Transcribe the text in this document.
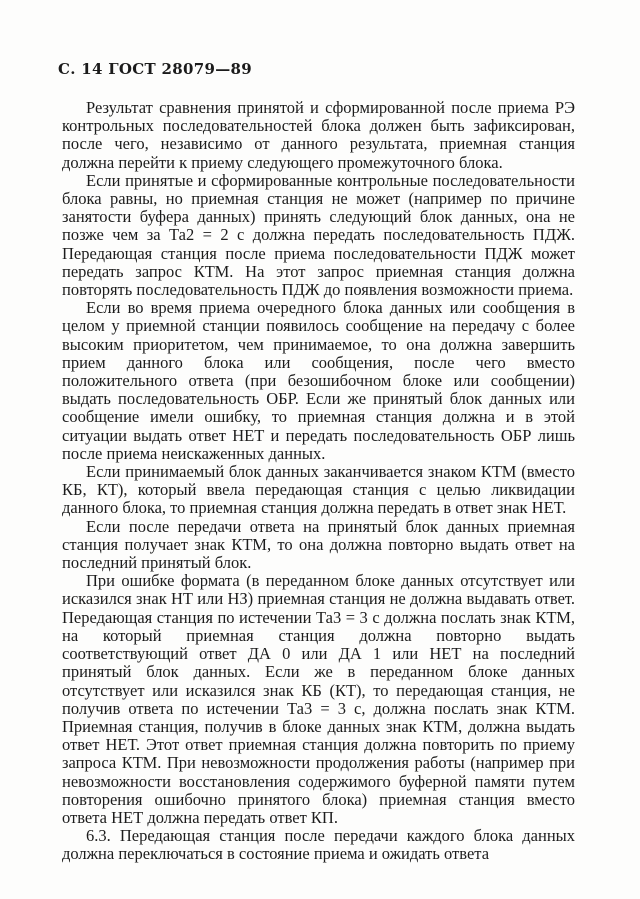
С. 14 ГОСТ 28079—89

Результат сравнения принятой и сформированной после приема РЭ контрольных последовательностей блока должен быть зафиксирован, после чего, независимо от данного результата, приемная станция должна перейти к приему следующего промежуточного блока.

Если принятые и сформированные контрольные последовательности блока равны, но приемная станция не может (например по причине занятости буфера данных) принять следующий блок данных, она не позже чем за Та2 = 2 с должна передать последовательность ПДЖ. Передающая станция после приема последовательности ПДЖ может передать запрос КТМ. На этот запрос приемная станция должна повторять последовательность ПДЖ до появления возможности приема.

Если во время приема очередного блока данных или сообщения в целом у приемной станции появилось сообщение на передачу с более высоким приоритетом, чем принимаемое, то она должна завершить прием данного блока или сообщения, после чего вместо положительного ответа (при безошибочном блоке или сообщении) выдать последовательность ОБР. Если же принятый блок данных или сообщение имели ошибку, то приемная станция должна и в этой ситуации выдать ответ НЕТ и передать последовательность ОБР лишь после приема неискаженных данных.

Если принимаемый блок данных заканчивается знаком КТМ (вместо КБ, КТ), который ввела передающая станция с целью ликвидации данного блока, то приемная станция должна передать в ответ знак НЕТ.

Если после передачи ответа на принятый блок данных приемная станция получает знак КТМ, то она должна повторно выдать ответ на последний принятый блок.

При ошибке формата (в переданном блоке данных отсутствует или исказился знак НТ или НЗ) приемная станция не должна выдавать ответ. Передающая станция по истечении Та3 = 3 с должна послать знак КТМ, на который приемная станция должна повторно выдать соответствующий ответ ДА 0 или ДА 1 или НЕТ на последний принятый блок данных. Если же в переданном блоке данных отсутствует или исказился знак КБ (КТ), то передающая станция, не получив ответа по истечении Та3 = 3 с, должна послать знак КТМ. Приемная станция, получив в блоке данных знак КТМ, должна выдать ответ НЕТ. Этот ответ приемная станция должна повторить по приему запроса КТМ. При невозможности продолжения работы (например при невозможности восстановления содержимого буферной памяти путем повторения ошибочно принятого блока) приемная станция вместо ответа НЕТ должна передать ответ КП.

6.3. Передающая станция после передачи каждого блока данных должна переключаться в состояние приема и ожидать ответа
